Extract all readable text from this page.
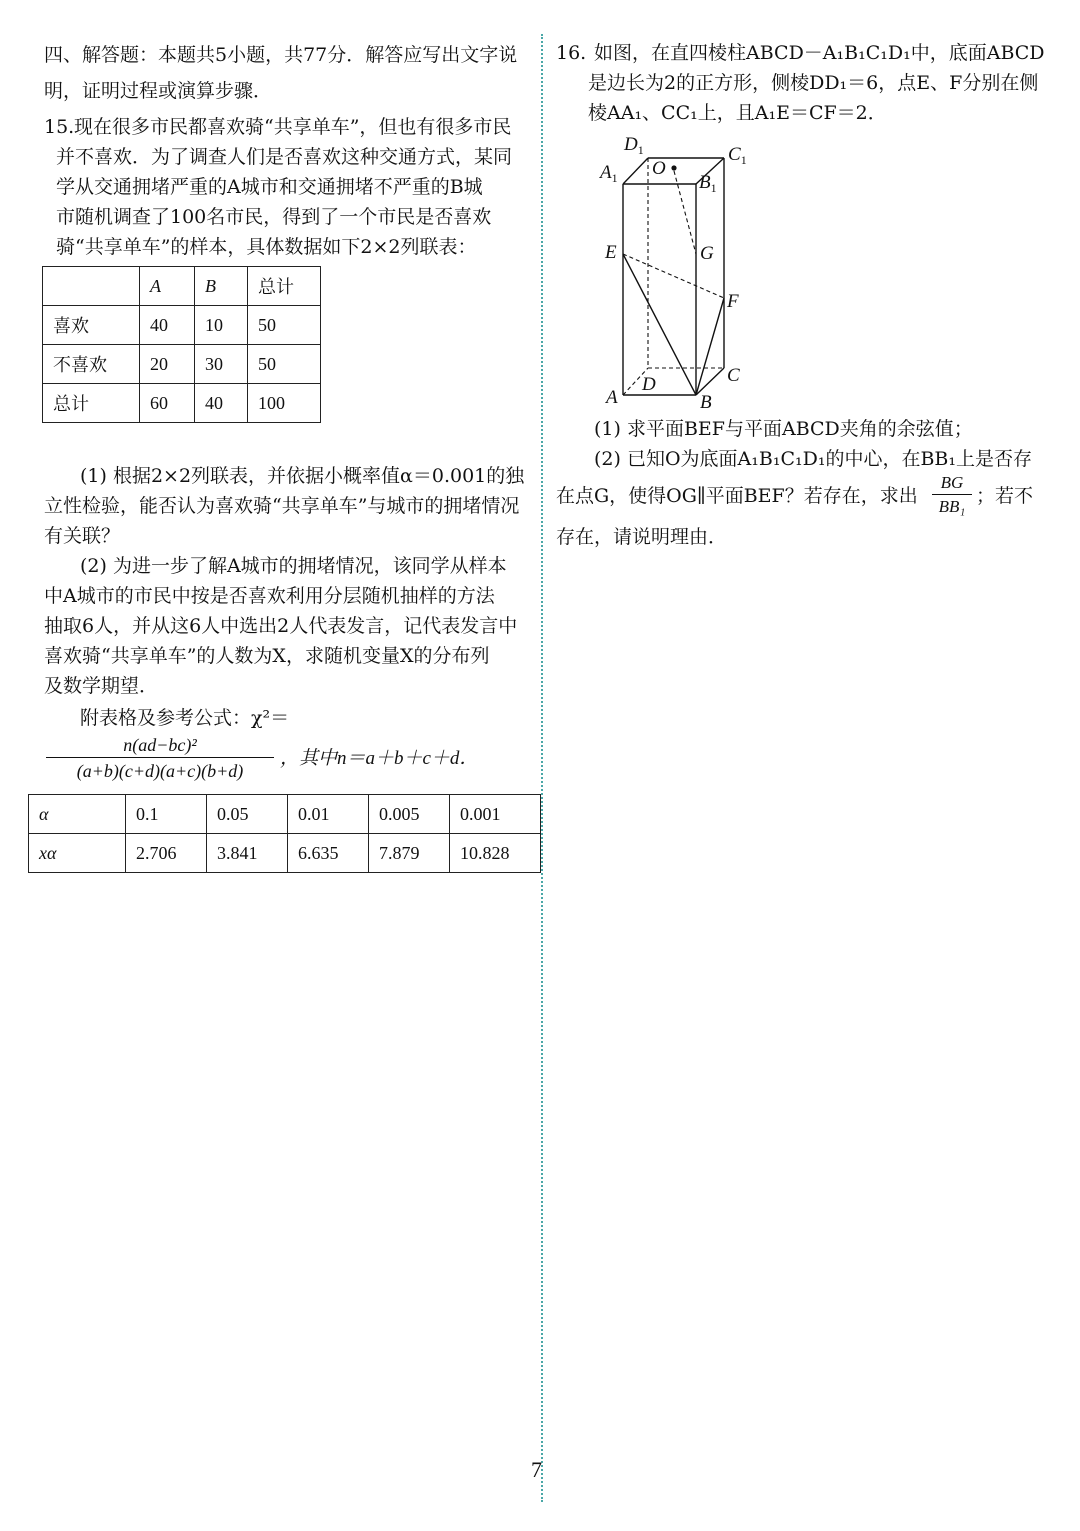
四、解答题：本题共5小题，共77分．解答应写出文字说
明，证明过程或演算步骤．
15. 现在很多市民都喜欢骑“共享单车”，但也有很多市民
并不喜欢．为了调查人们是否喜欢这种交通方式，某同
学从交通拥堵严重的A城市和交通拥堵不严重的B城
市随机调查了100名市民，得到了一个市民是否喜欢
骑“共享单车”的样本，具体数据如下2×2列联表：
	A	B	总计
喜欢	40	10	50
不喜欢	20	30	50
总计	60	40	100
(1) 根据2×2列联表，并依据小概率值α＝0.001的独
立性检验，能否认为喜欢骑“共享单车”与城市的拥堵情况
有关联？
(2) 为进一步了解A城市的拥堵情况，该同学从样本
中A城市的市民中按是否喜欢利用分层随机抽样的方法
抽取6人，并从这6人中选出2人代表发言，记代表发言中
喜欢骑“共享单车”的人数为X，求随机变量X的分布列
及数学期望．
附表格及参考公式：χ²＝
$\frac{\text{n(ad−bc)²}}{(a+b)(c+d)(a+c)(b+d)}$ ，其中n＝a＋b＋c＋d．
α	0.1	0.05	0.01	0.005	0.001
xα	2.706	3.841	6.635	7.879	10.828
16. 如图，在直四棱柱ABCD－A₁B₁C₁D₁中，底面ABCD
是边长为2的正方形，侧棱DD₁＝6，点E、F分别在侧
棱AA₁、CC₁上，且A₁E＝CF＝2．
$D_1$	$C_1$
$A_1$	$B_1$
O
E	G
F
A	B
C
D
(1) 求平面BEF与平面ABCD夹角的余弦值；
(2) 已知O为底面A₁B₁C₁D₁的中心，在BB₁上是否存
在点G，使得OG∥平面BEF？若存在，求出 $\frac{BG}{\text{BB₁}}$ ；若不
存在，请说明理由．
7
